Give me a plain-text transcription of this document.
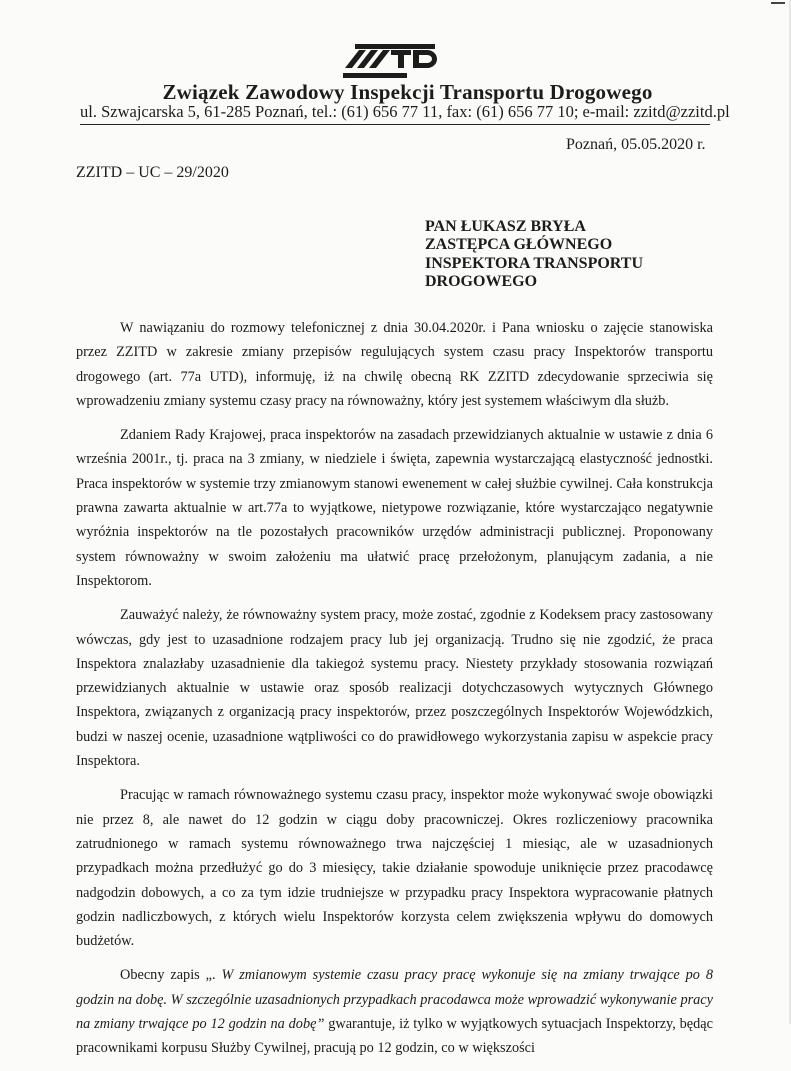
Związek Zawodowy Inspekcji Transportu Drogowego
ul. Szwajcarska 5, 61-285 Poznań, tel.: (61) 656 77 11, fax: (61) 656 77 10; e-mail: zzitd@zzitd.pl
Poznań, 05.05.2020 r.
ZZITD – UC – 29/2020
PAN ŁUKASZ BRYŁA
ZASTĘPCA GŁÓWNEGO
INSPEKTORA TRANSPORTU
DROGOWEGO

W nawiązaniu do rozmowy telefonicznej z dnia 30.04.2020r. i Pana wniosku o zajęcie stanowiska przez ZZITD w zakresie zmiany przepisów regulujących system czasu pracy Inspektorów transportu drogowego (art. 77a UTD), informuję, iż na chwilę obecną RK ZZITD zdecydowanie sprzeciwia się wprowadzeniu zmiany systemu czasy pracy na równoważny, który jest systemem właściwym dla służb.

Zdaniem Rady Krajowej, praca inspektorów na zasadach przewidzianych aktualnie w ustawie z dnia 6 września 2001r., tj. praca na 3 zmiany, w niedziele i święta, zapewnia wystarczającą elastyczność jednostki. Praca inspektorów w systemie trzy zmianowym stanowi ewenement w całej służbie cywilnej. Cała konstrukcja prawna zawarta aktualnie w art.77a to wyjątkowe, nietypowe rozwiązanie, które wystarczająco negatywnie wyróżnia inspektorów na tle pozostałych pracowników urzędów administracji publicznej. Proponowany system równoważny w swoim założeniu ma ułatwić pracę przełożonym, planującym zadania, a nie Inspektorom.

Zauważyć należy, że równoważny system pracy, może zostać, zgodnie z Kodeksem pracy zastosowany wówczas, gdy jest to uzasadnione rodzajem pracy lub jej organizacją. Trudno się nie zgodzić, że praca Inspektora znalazłaby uzasadnienie dla takiegoż systemu pracy. Niestety przykłady stosowania rozwiązań przewidzianych aktualnie w ustawie oraz sposób realizacji dotychczasowych wytycznych Głównego Inspektora, związanych z organizacją pracy inspektorów, przez poszczególnych Inspektorów Wojewódzkich, budzi w naszej ocenie, uzasadnione wątpliwości co do prawidłowego wykorzystania zapisu w aspekcie pracy Inspektora.

Pracując w ramach równoważnego systemu czasu pracy, inspektor może wykonywać swoje obowiązki nie przez 8, ale nawet do 12 godzin w ciągu doby pracowniczej. Okres rozliczeniowy pracownika zatrudnionego w ramach systemu równoważnego trwa najczęściej 1 miesiąc, ale w uzasadnionych przypadkach można przedłużyć go do 3 miesięcy, takie działanie spowoduje uniknięcie przez pracodawcę nadgodzin dobowych, a co za tym idzie trudniejsze w przypadku pracy Inspektora wypracowanie płatnych godzin nadliczbowych, z których wielu Inspektorów korzysta celem zwiększenia wpływu do domowych budżetów.

Obecny zapis „. W zmianowym systemie czasu pracy pracę wykonuje się na zmiany trwające po 8 godzin na dobę. W szczególnie uzasadnionych przypadkach pracodawca może wprowadzić wykonywanie pracy na zmiany trwające po 12 godzin na dobę” gwarantuje, iż tylko w wyjątkowych sytuacjach Inspektorzy, będąc pracownikami korpusu Służby Cywilnej, pracują po 12 godzin, co w większości
